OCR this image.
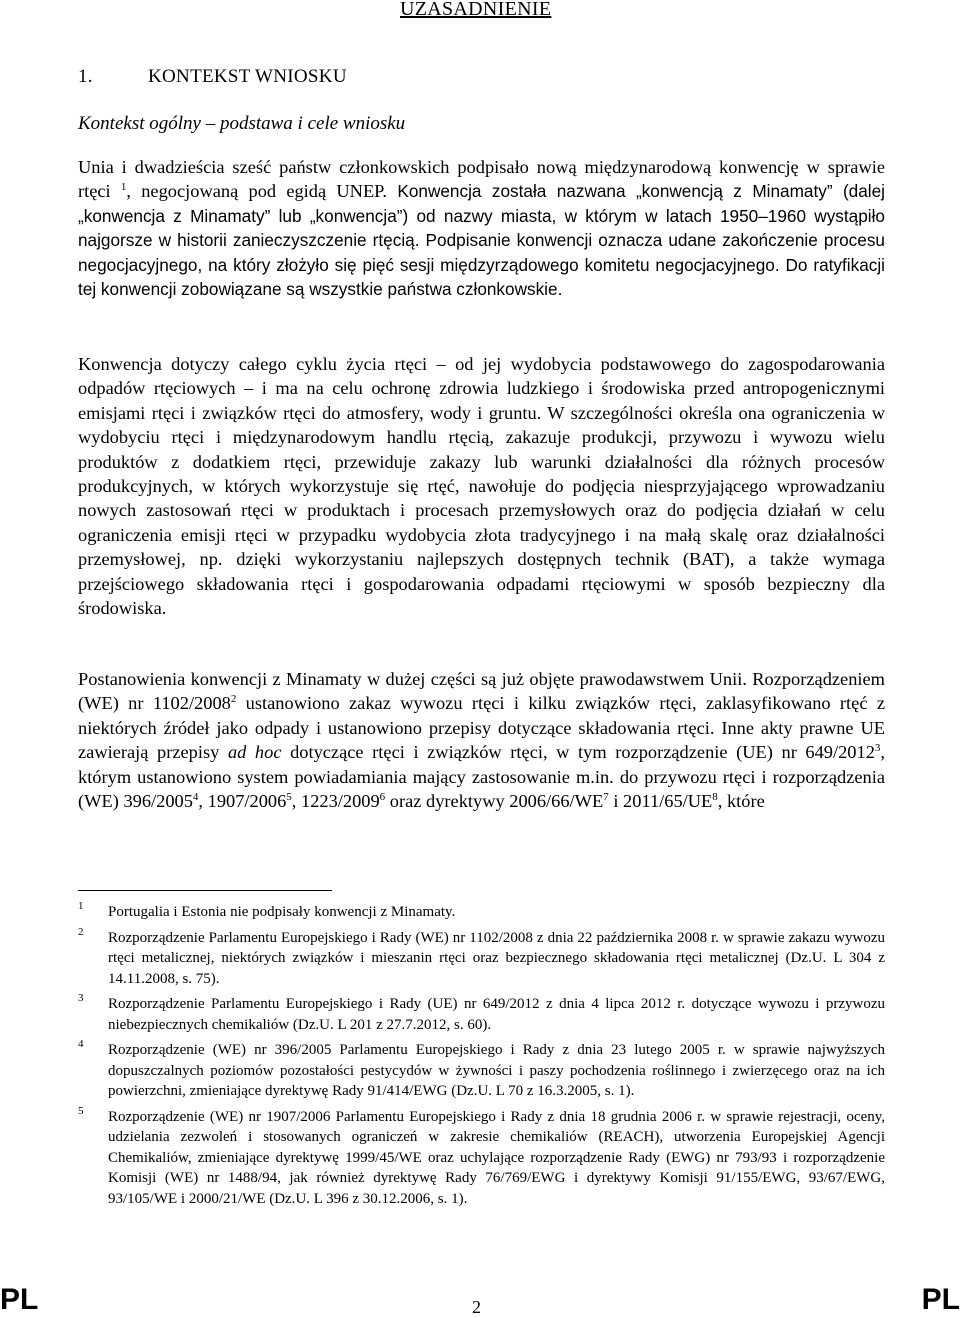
UZASADNIENIE
1.	KONTEKST WNIOSKU
Kontekst ogólny – podstawa i cele wniosku

Unia i dwadzieścia sześć państw członkowskich podpisało nową międzynarodową konwencję w sprawie rtęci $^1$, negocjowaną pod egidą UNEP. Konwencja została nazwana „konwencją z Minamaty” (dalej „konwencja z Minamaty” lub „konwencja”) od nazwy miasta, w którym w latach 1950–1960 wystąpiło najgorsze w historii zanieczyszczenie rtęcią. Podpisanie konwencji oznacza udane zakończenie procesu negocjacyjnego, na który złożyło się pięć sesji międzyrządowego komitetu negocjacyjnego. Do ratyfikacji tej konwencji zobowiązane są wszystkie państwa członkowskie.

Konwencja dotyczy całego cyklu życia rtęci – od jej wydobycia podstawowego do zagospodarowania odpadów rtęciowych – i ma na celu ochronę zdrowia ludzkiego i środowiska przed antropogenicznymi emisjami rtęci i związków rtęci do atmosfery, wody i gruntu. W szczególności określa ona ograniczenia w wydobyciu rtęci i międzynarodowym handlu rtęcią, zakazuje produkcji, przywozu i wywozu wielu produktów z dodatkiem rtęci, przewiduje zakazy lub warunki działalności dla różnych procesów produkcyjnych, w których wykorzystuje się rtęć, nawołuje do podjęcia niesprzyjającego wprowadzaniu nowych zastosowań rtęci w produktach i procesach przemysłowych oraz do podjęcia działań w celu ograniczenia emisji rtęci w przypadku wydobycia złota tradycyjnego i na małą skalę oraz działalności przemysłowej, np. dzięki wykorzystaniu najlepszych dostępnych technik (BAT), a także wymaga przejściowego składowania rtęci i gospodarowania odpadami rtęciowymi w sposób bezpieczny dla środowiska.

Postanowienia konwencji z Minamaty w dużej części są już objęte prawodawstwem Unii. Rozporządzeniem (WE) nr 1102/2008$^2$ ustanowiono zakaz wywozu rtęci i kilku związków rtęci, zaklasyfikowano rtęć z niektórych źródeł jako odpady i ustanowiono przepisy dotyczące składowania rtęci. Inne akty prawne UE zawierają przepisy ad hoc dotyczące rtęci i związków rtęci, w tym rozporządzenie (UE) nr 649/2012$^3$, którym ustanowiono system powiadamiania mający zastosowanie m.in. do przywozu rtęci i rozporządzenia (WE) 396/2005$^4$, 1907/2006$^5$, 1223/2009$^6$ oraz dyrektywy $2006/66/WE^7$ i $2011/65/UE^8$, które

1 Portugalia i Estonia nie podpisały konwencji z Minamaty.

2 Rozporządzenie Parlamentu Europejskiego i Rady (WE) nr 1102/2008 z dnia 22 października 2008 r. w sprawie zakazu wywozu rtęci metalicznej, niektórych związków i mieszanin rtęci oraz bezpiecznego składowania rtęci metalicznej (Dz.U. L 304 z 14.11.2008, s. 75).

3 Rozporządzenie Parlamentu Europejskiego i Rady (UE) nr 649/2012 z dnia 4 lipca 2012 r. dotyczące wywozu i przywozu niebezpiecznych chemikaliów (Dz.U. L 201 z 27.7.2012, s. 60).

4 Rozporządzenie (WE) nr 396/2005 Parlamentu Europejskiego i Rady z dnia 23 lutego 2005 r. w sprawie najwyższych dopuszczalnych poziomów pozostałości pestycydów w żywności i paszy pochodzenia roślinnego i zwierzęcego oraz na ich powierzchni, zmieniające dyrektywę Rady 91/414/EWG (Dz.U. L 70 z 16.3.2005, s. 1).

5 Rozporządzenie (WE) nr 1907/2006 Parlamentu Europejskiego i Rady z dnia 18 grudnia 2006 r. w sprawie rejestracji, oceny, udzielania zezwoleń i stosowanych ograniczeń w zakresie chemikaliów (REACH), utworzenia Europejskiej Agencji Chemikaliów, zmieniające dyrektywę 1999/45/WE oraz uchylające rozporządzenie Rady (EWG) nr 793/93 i rozporządzenie Komisji (WE) nr 1488/94, jak również dyrektywę Rady 76/769/EWG i dyrektywy Komisji 91/155/EWG, 93/67/EWG, 93/105/WE i 2000/21/WE (Dz.U. L 396 z 30.12.2006, s. 1).

PL	2	PL
